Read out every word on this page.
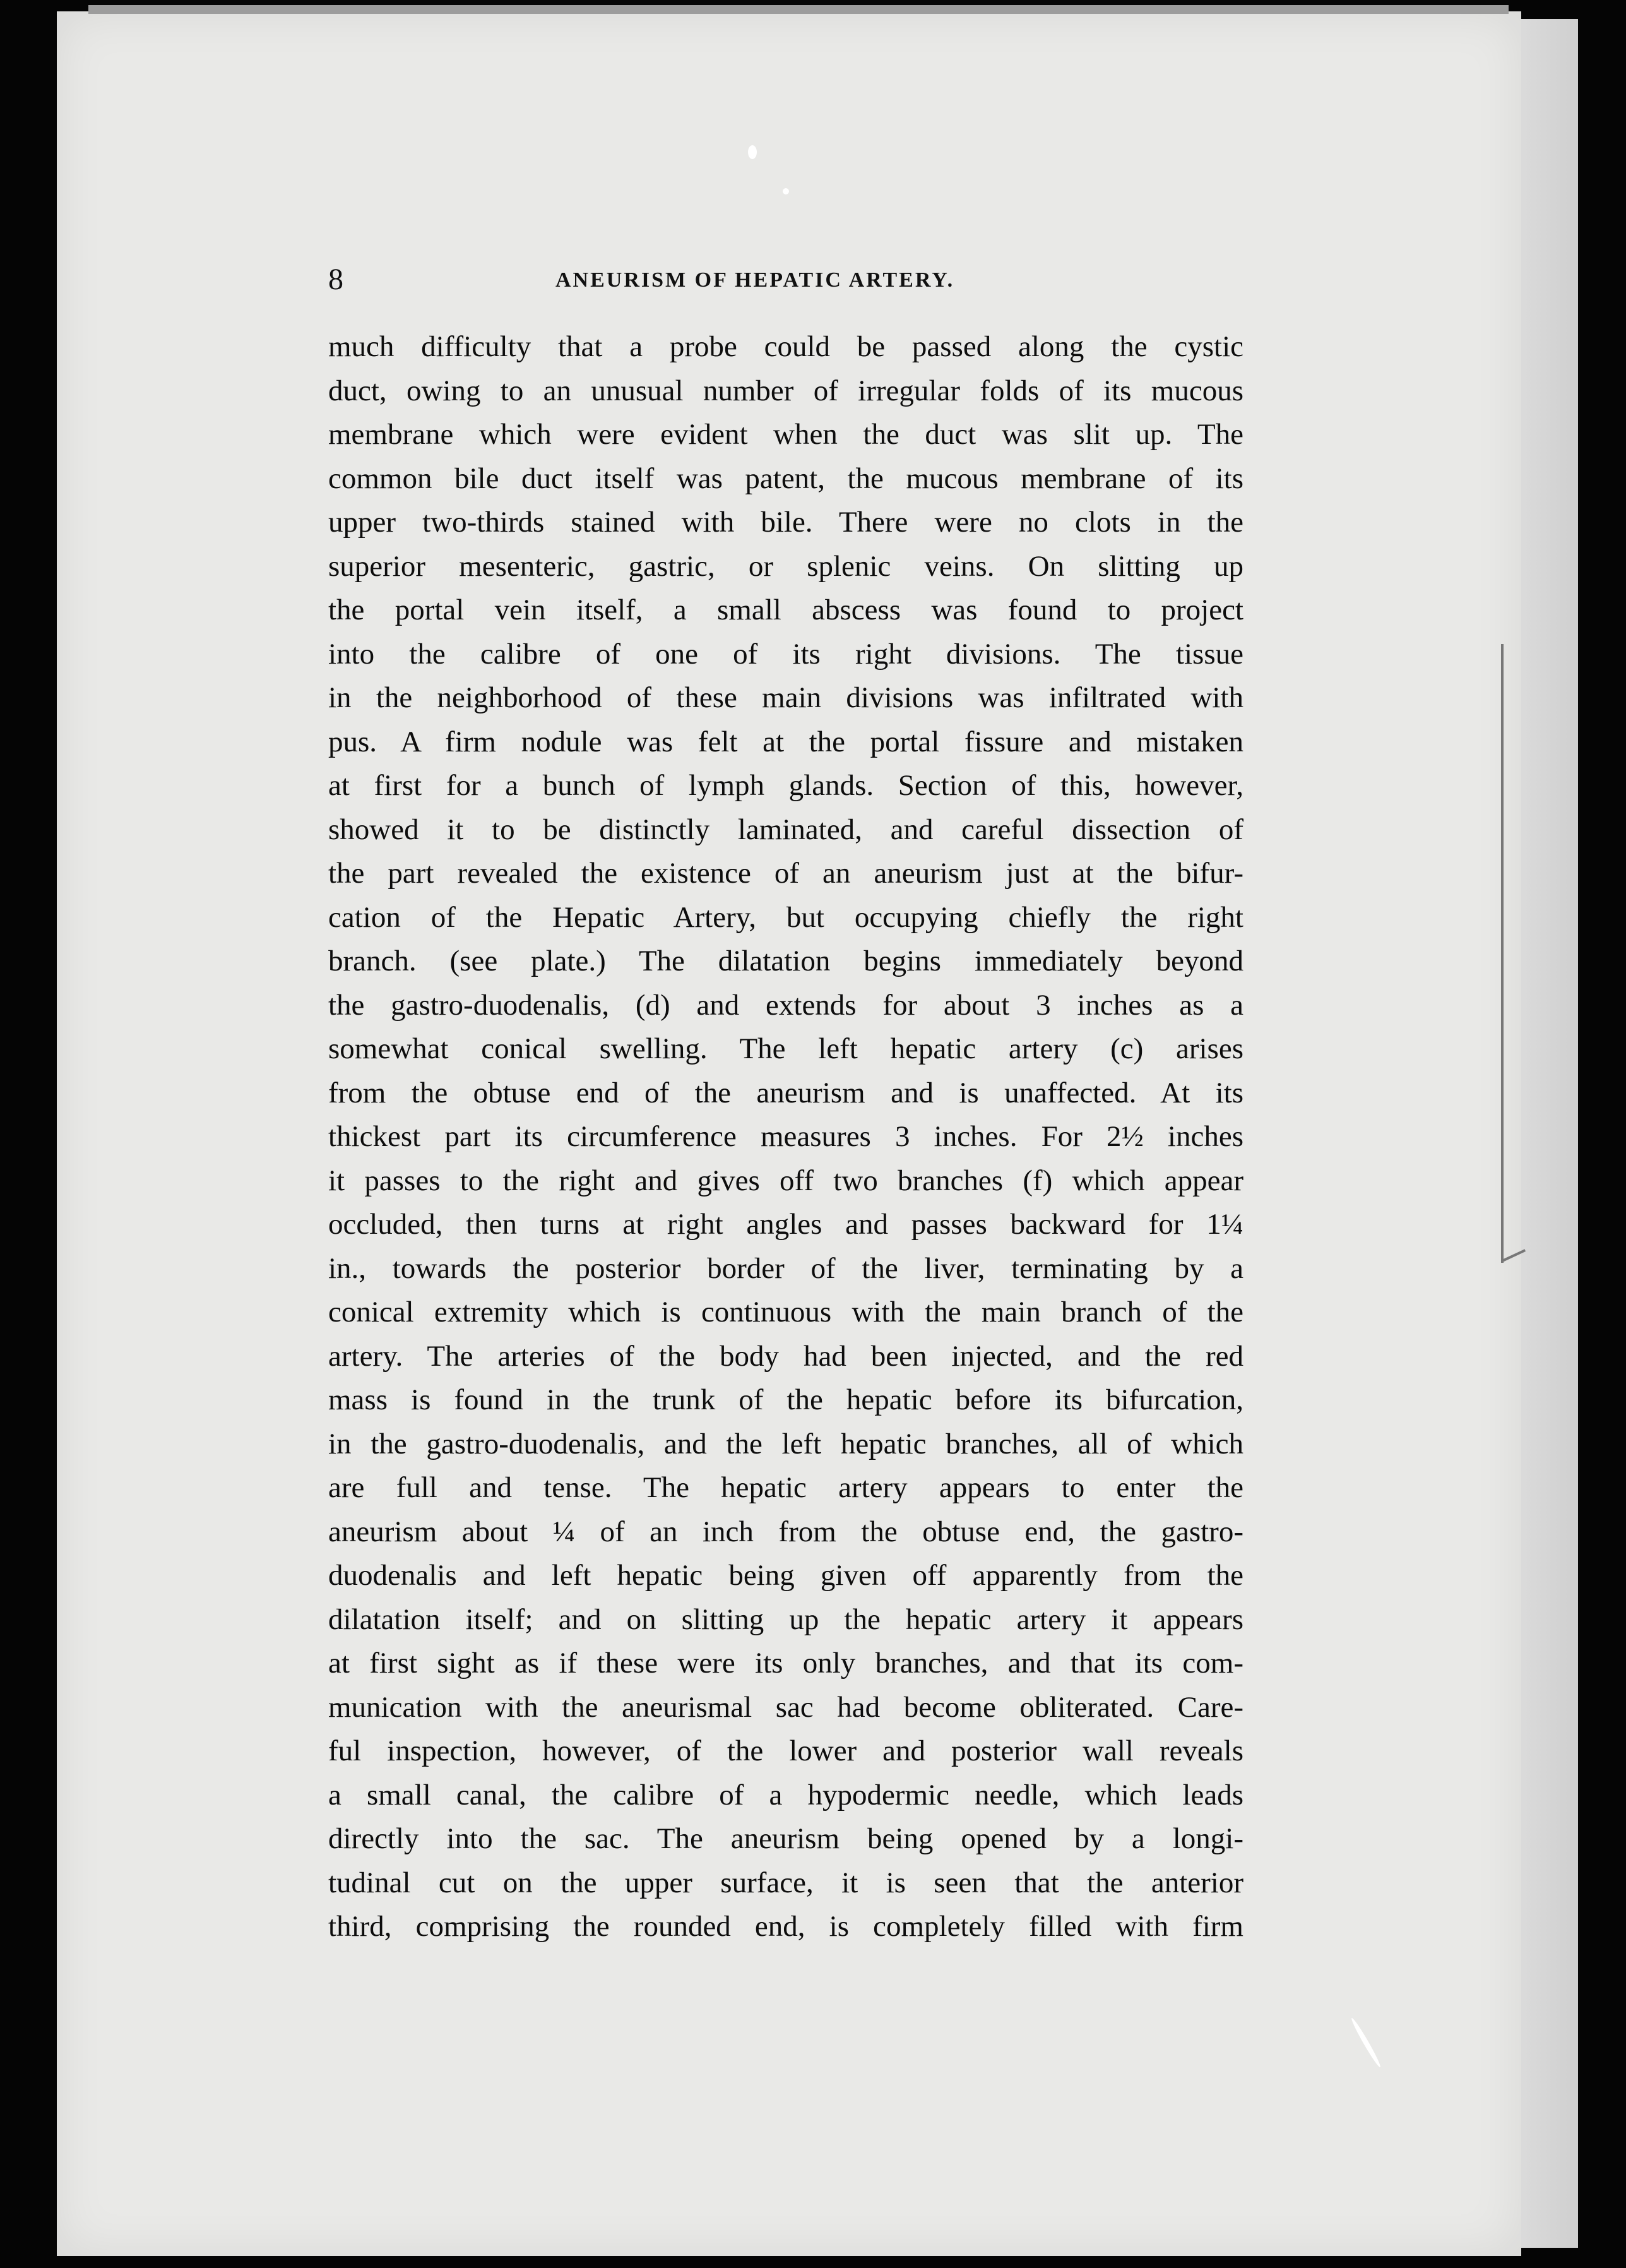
8	ANEURISM OF HEPATIC ARTERY.
much difficulty that a probe could be passed along the cystic
duct, owing to an unusual number of irregular folds of its mucous
membrane which were evident when the duct was slit up. The
common bile duct itself was patent, the mucous membrane of its
upper two-thirds stained with bile. There were no clots in the
superior mesenteric, gastric, or splenic veins. On slitting up
the portal vein itself, a small abscess was found to project
into the calibre of one of its right divisions. The tissue
in the neighborhood of these main divisions was infiltrated with
pus. A firm nodule was felt at the portal fissure and mistaken
at first for a bunch of lymph glands. Section of this, however,
showed it to be distinctly laminated, and careful dissection of
the part revealed the existence of an aneurism just at the bifur-
cation of the Hepatic Artery, but occupying chiefly the right
branch. (see plate.) The dilatation begins immediately beyond
the gastro-duodenalis, (d) and extends for about 3 inches as a
somewhat conical swelling. The left hepatic artery (c) arises
from the obtuse end of the aneurism and is unaffected. At its
thickest part its circumference measures 3 inches. For 2½ inches
it passes to the right and gives off two branches (f) which appear
occluded, then turns at right angles and passes backward for 1¼
in., towards the posterior border of the liver, terminating by a
conical extremity which is continuous with the main branch of the
artery. The arteries of the body had been injected, and the red
mass is found in the trunk of the hepatic before its bifurcation,
in the gastro-duodenalis, and the left hepatic branches, all of which
are full and tense. The hepatic artery appears to enter the
aneurism about ¼ of an inch from the obtuse end, the gastro-
duodenalis and left hepatic being given off apparently from the
dilatation itself; and on slitting up the hepatic artery it appears
at first sight as if these were its only branches, and that its com-
munication with the aneurismal sac had become obliterated. Care-
ful inspection, however, of the lower and posterior wall reveals
a small canal, the calibre of a hypodermic needle, which leads
directly into the sac. The aneurism being opened by a longi-
tudinal cut on the upper surface, it is seen that the anterior
third, comprising the rounded end, is completely filled with firm
